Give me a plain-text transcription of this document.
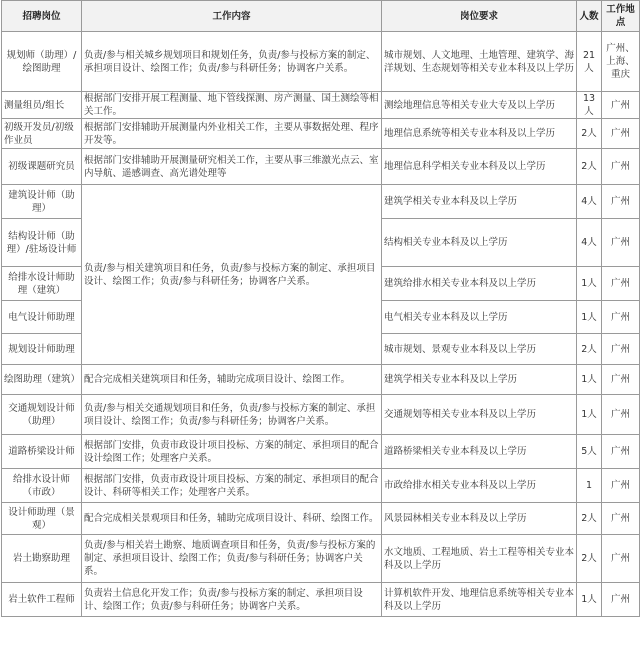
招聘岗位	工作内容	岗位要求	人数	工作地点
规划师（助理）/绘图助理	负责/参与相关城乡规划项目和规划任务，负责/参与投标方案的制定、承担项目设计、绘图工作；负责/参与科研任务；协调客户关系。	城市规划、人文地理、土地管理、建筑学、海洋规划、生态规划等相关专业本科及以上学历	21人	广州、上海、重庆
测量组员/组长	根据部门安排开展工程测量、地下管线探测、房产测量、国土测绘等相关工作。	测绘地理信息等相关专业大专及以上学历	13人	广州
初级开发员/初级作业员	根据部门安排辅助开展测量内外业相关工作，主要从事数据处理、程序开发等。	地理信息系统等相关专业本科及以上学历	2人	广州
初级课题研究员	根据部门安排辅助开展测量研究相关工作，主要从事三维激光点云、室内导航、遥感调查、高光谱处理等	地理信息科学相关专业本科及以上学历	2人	广州
建筑设计师（助理）	负责/参与相关建筑项目和任务，负责/参与投标方案的制定、承担项目设计、绘图工作；负责/参与科研任务；协调客户关系。	建筑学相关专业本科及以上学历	4人	广州
结构设计师（助理）/驻场设计师		结构相关专业本科及以上学历	4人	广州
给排水设计师助理（建筑）		建筑给排水相关专业本科及以上学历	1人	广州
电气设计师助理		电气相关专业本科及以上学历	1人	广州
规划设计师助理		城市规划、景观专业本科及以上学历	2人	广州
绘图助理（建筑）	配合完成相关建筑项目和任务，辅助完成项目设计、绘图工作。	建筑学相关专业本科及以上学历	1人	广州
交通规划设计师（助理）	负责/参与相关交通规划项目和任务，负责/参与投标方案的制定、承担项目设计、绘图工作；负责/参与科研任务；协调客户关系。	交通规划等相关专业本科及以上学历	1人	广州
道路桥梁设计师	根据部门安排，负责市政设计项目投标、方案的制定、承担项目的配合设计绘图工作；处理客户关系。	道路桥梁相关专业本科及以上学历	5人	广州
给排水设计师（市政）	根据部门安排，负责市政设计项目投标、方案的制定、承担项目的配合设计、科研等相关工作；处理客户关系。	市政给排水相关专业本科及以上学历	1	广州
设计师助理（景观）	配合完成相关景观项目和任务，辅助完成项目设计、科研、绘图工作。	风景园林相关专业本科及以上学历	2人	广州
岩土勘察助理	负责/参与相关岩土勘察、地质调查项目和任务，负责/参与投标方案的制定、承担项目设计、绘图工作；负责/参与科研任务；协调客户关系。	水文地质、工程地质、岩土工程等相关专业本科及以上学历	2人	广州
岩土软件工程师	负责岩土信息化开发工作；负责/参与投标方案的制定、承担项目设计、绘图工作；负责/参与科研任务；协调客户关系。	计算机软件开发、地理信息系统等相关专业本科及以上学历	1人	广州
